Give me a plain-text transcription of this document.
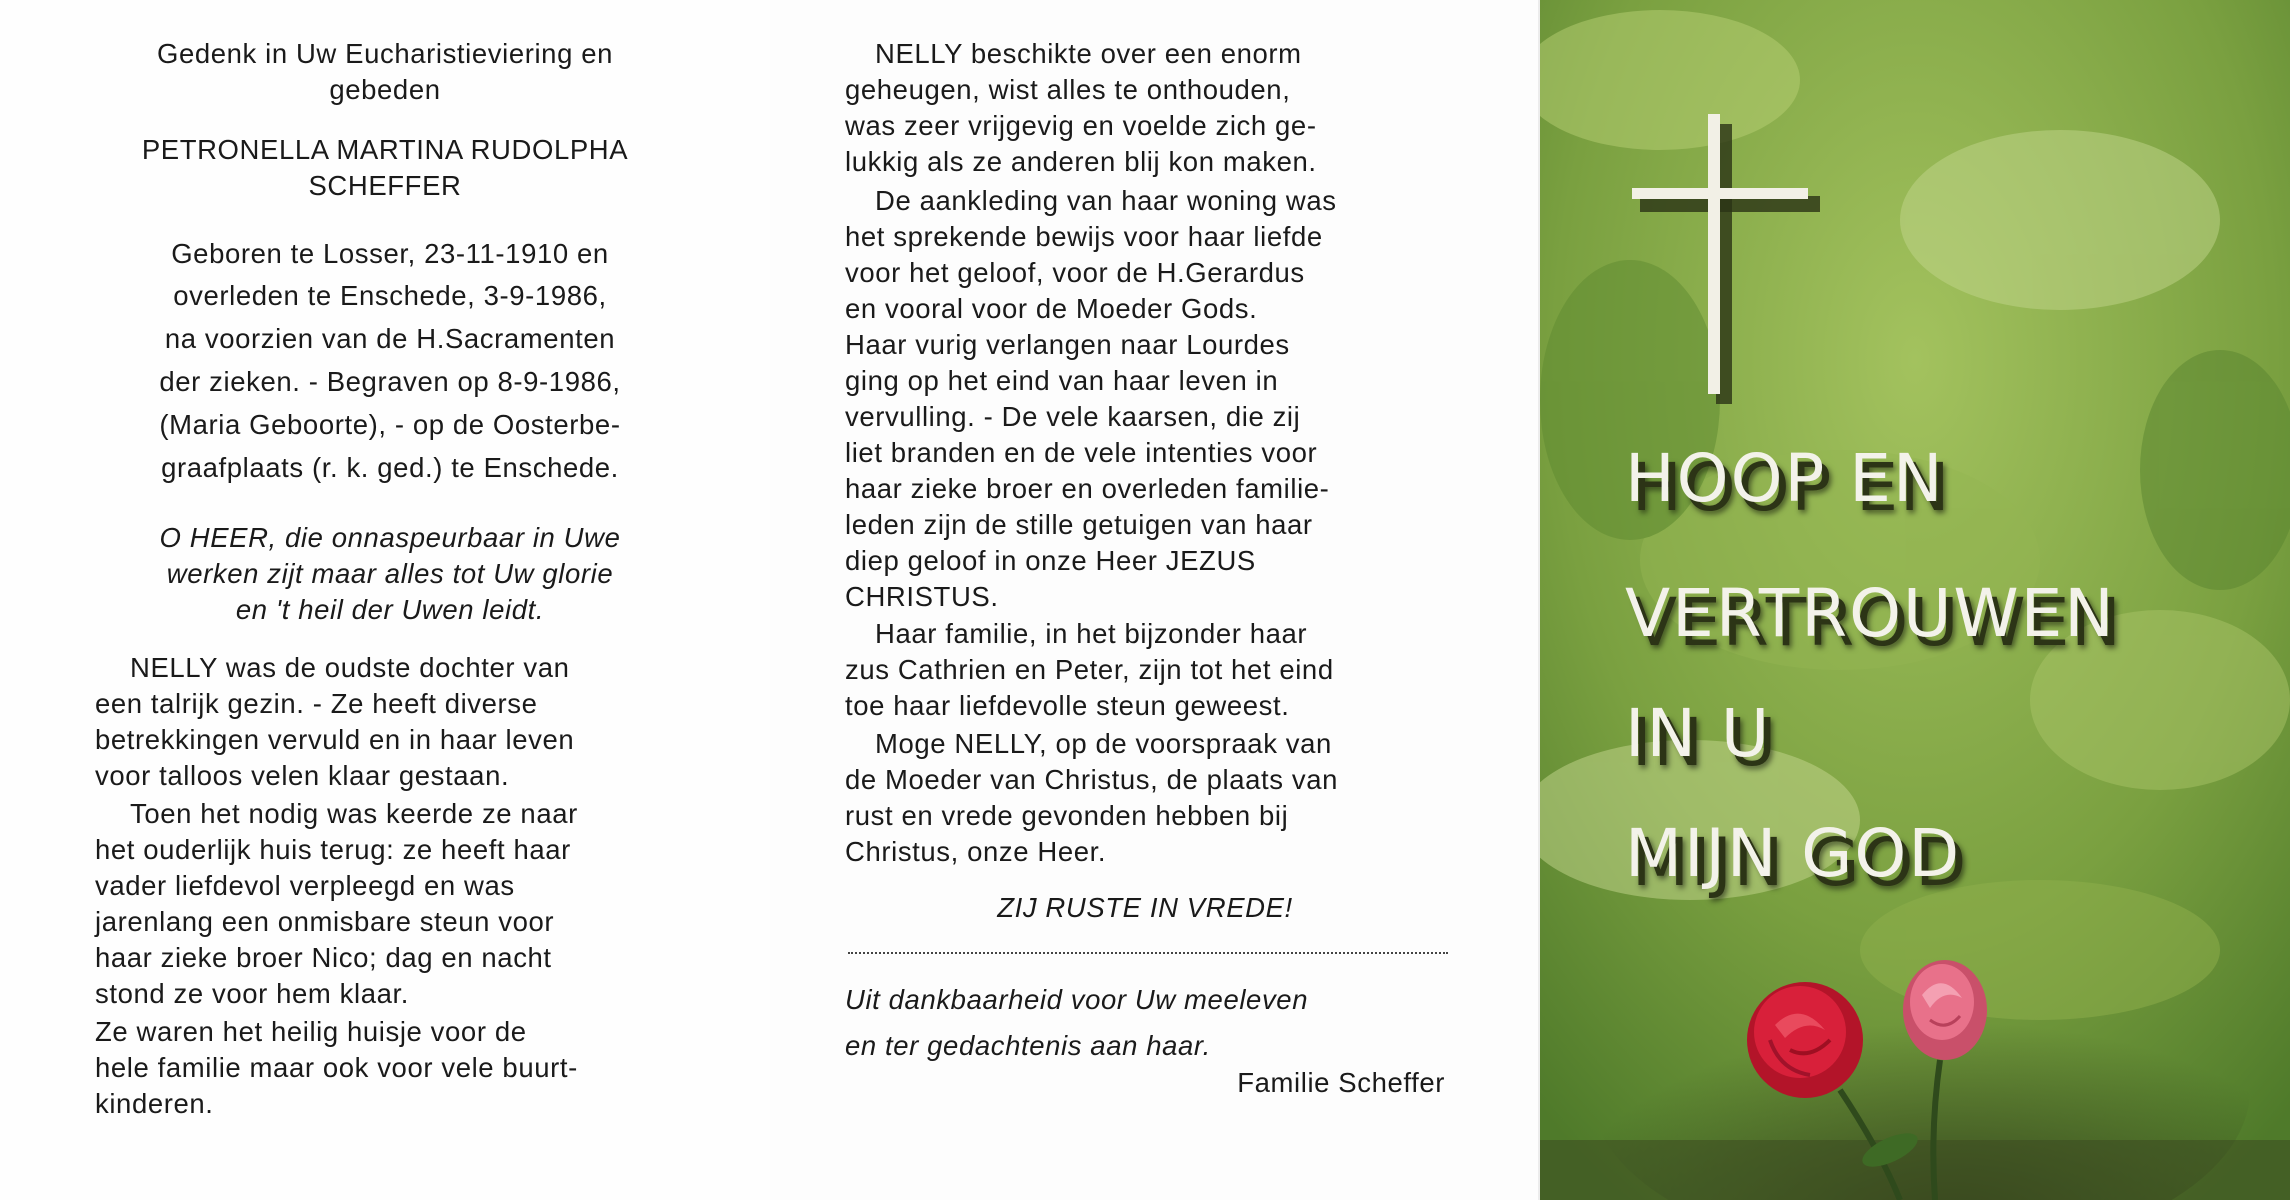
Gedenk in Uw Eucharistieviering en

gebeden

PETRONELLA MARTINA RUDOLPHA

SCHEFFER

Geboren te Losser, 23-11-1910 en

overleden te Enschede, 3-9-1986,

na voorzien van de H.Sacramenten

der zieken. - Begraven op 8-9-1986,

(Maria Geboorte), - op de Oosterbe-

graafplaats (r. k. ged.) te Enschede.

O HEER, die onnaspeurbaar in Uwe

werken zijt maar alles tot Uw glorie

en 't heil der Uwen leidt.

NELLY was de oudste dochter van

een talrijk gezin. - Ze heeft diverse

betrekkingen vervuld en in haar leven

voor talloos velen klaar gestaan.

Toen het nodig was keerde ze naar

het ouderlijk huis terug: ze heeft haar

vader liefdevol verpleegd en was

jarenlang een onmisbare steun voor

haar zieke broer Nico; dag en nacht

stond ze voor hem klaar.

Ze waren het heilig huisje voor de

hele familie maar ook voor vele buurt-

kinderen.

NELLY beschikte over een enorm

geheugen, wist alles te onthouden,

was zeer vrijgevig en voelde zich ge-

lukkig als ze anderen blij kon maken.

De aankleding van haar woning was

het sprekende bewijs voor haar liefde

voor het geloof, voor de H.Gerardus

en vooral voor de Moeder Gods.

Haar vurig verlangen naar Lourdes

ging op het eind van haar leven in

vervulling. - De vele kaarsen, die zij

liet branden en de vele intenties voor

haar zieke broer en overleden familie-

leden zijn de stille getuigen van haar

diep geloof in onze Heer JEZUS

CHRISTUS.

Haar familie, in het bijzonder haar

zus Cathrien en Peter, zijn tot het eind

toe haar liefdevolle steun geweest.

Moge NELLY, op de voorspraak van

de Moeder van Christus, de plaats van

rust en vrede gevonden hebben bij

Christus, onze Heer.

ZIJ RUSTE IN VREDE!

Uit dankbaarheid voor Uw meeleven

en ter gedachtenis aan haar.

Familie Scheffer

HOOP EN
VERTROUWEN
IN U
MIJN GOD
